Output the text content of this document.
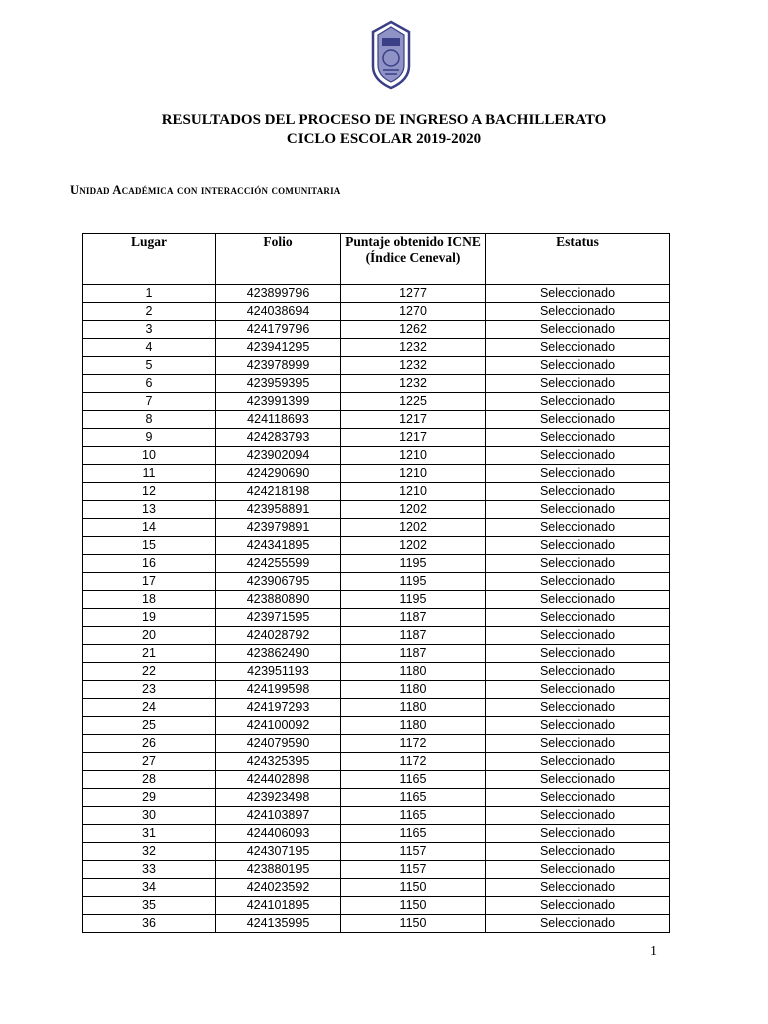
RESULTADOS DEL PROCESO DE INGRESO A BACHILLERATO
CICLO ESCOLAR 2019-2020
Unidad Académica con interacción comunitaria
Lugar	Folio	Puntaje obtenido ICNE (Índice Ceneval)	Estatus
1	423899796	1277	Seleccionado
2	424038694	1270	Seleccionado
3	424179796	1262	Seleccionado
4	423941295	1232	Seleccionado
5	423978999	1232	Seleccionado
6	423959395	1232	Seleccionado
7	423991399	1225	Seleccionado
8	424118693	1217	Seleccionado
9	424283793	1217	Seleccionado
10	423902094	1210	Seleccionado
11	424290690	1210	Seleccionado
12	424218198	1210	Seleccionado
13	423958891	1202	Seleccionado
14	423979891	1202	Seleccionado
15	424341895	1202	Seleccionado
16	424255599	1195	Seleccionado
17	423906795	1195	Seleccionado
18	423880890	1195	Seleccionado
19	423971595	1187	Seleccionado
20	424028792	1187	Seleccionado
21	423862490	1187	Seleccionado
22	423951193	1180	Seleccionado
23	424199598	1180	Seleccionado
24	424197293	1180	Seleccionado
25	424100092	1180	Seleccionado
26	424079590	1172	Seleccionado
27	424325395	1172	Seleccionado
28	424402898	1165	Seleccionado
29	423923498	1165	Seleccionado
30	424103897	1165	Seleccionado
31	424406093	1165	Seleccionado
32	424307195	1157	Seleccionado
33	423880195	1157	Seleccionado
34	424023592	1150	Seleccionado
35	424101895	1150	Seleccionado
36	424135995	1150	Seleccionado
1
